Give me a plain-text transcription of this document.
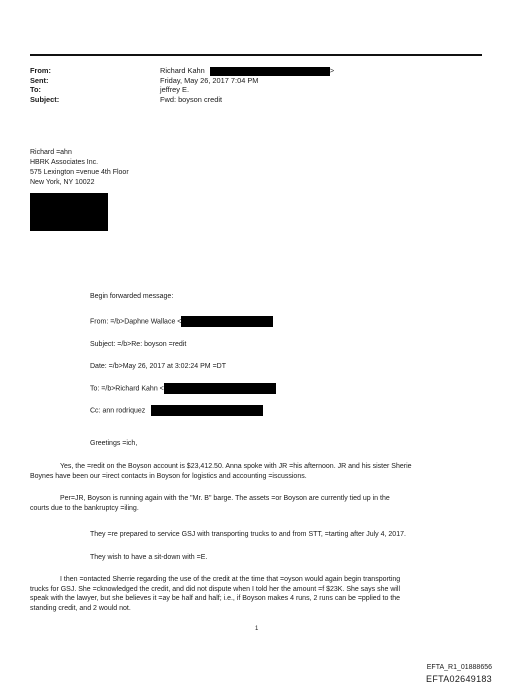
From:	Richard Kahn	>
Sent:	Friday, May 26, 2017 7:04 PM
To:	jeffrey E.
Subject:	Fwd: boyson credit
Richard =ahn
HBRK Associates Inc.
575 Lexington =venue 4th Floor
New York, NY 10022
Begin forwarded message:
From: =/b>Daphne Wallace <
Subject: =/b>Re: boyson =redit
Date: =/b>May 26, 2017 at 3:02:24 PM =DT
To: =/b>Richard Kahn <
Cc: ann rodriquez
Greetings =ich,
Yes, the =redit on the Boyson account is $23,412.50. Anna spoke with JR =his afternoon. JR and his sister Sherie
Boynes have been our =irect contacts in Boyson for logistics and accounting =iscussions.
Per=JR, Boyson is running again with the "Mr. B" barge. The assets =or Boyson are currently tied up in the
courts due to the bankruptcy =iling.
They =re prepared to service GSJ with transporting trucks to and from STT, =tarting after July 4, 2017.
They wish to have a sit-down with =E.
I then =ontacted Sherrie regarding the use of the credit at the time that =oyson would again begin transporting
trucks for GSJ. She =cknowledged the credit, and did not dispute when I told her the amount =f $23K. She says she will
speak with the lawyer, but she believes it =ay be half and half; i.e., if Boyson makes 4 runs, 2 runs can be =pplied to the
standing credit, and 2 would not.
1
EFTA_R1_01888656
EFTA02649183
